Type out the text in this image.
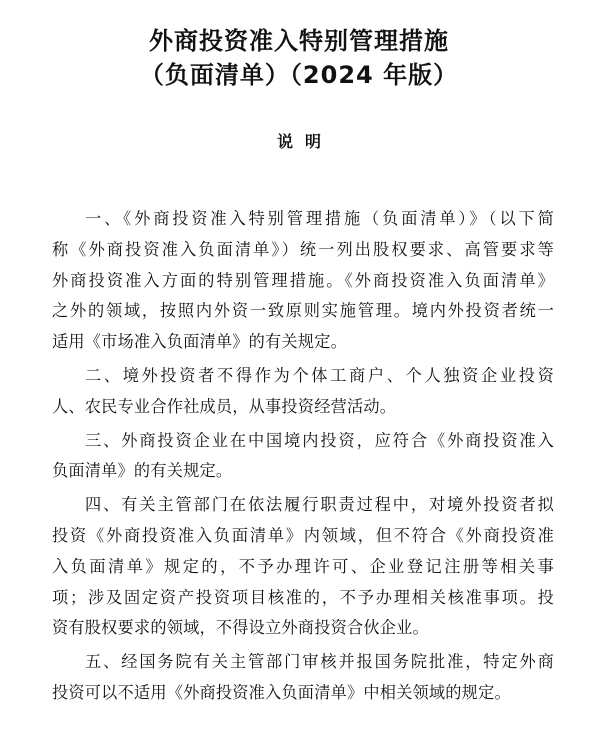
外商投资准入特别管理措施
（负面清单）（2024 年版）
说明
一、《外商投资准入特别管理措施（负面清单）》（以下简
称《外商投资准入负面清单》）统一列出股权要求、高管要求等
外商投资准入方面的特别管理措施。《外商投资准入负面清单》
之外的领域，按照内外资一致原则实施管理。境内外投资者统一
适用《市场准入负面清单》的有关规定。
二、境外投资者不得作为个体工商户、个人独资企业投资
人、农民专业合作社成员，从事投资经营活动。
三、外商投资企业在中国境内投资，应符合《外商投资准入
负面清单》的有关规定。
四、有关主管部门在依法履行职责过程中，对境外投资者拟
投资《外商投资准入负面清单》内领域，但不符合《外商投资准
入负面清单》规定的，不予办理许可、企业登记注册等相关事
项；涉及固定资产投资项目核准的，不予办理相关核准事项。投
资有股权要求的领域，不得设立外商投资合伙企业。
五、经国务院有关主管部门审核并报国务院批准，特定外商
投资可以不适用《外商投资准入负面清单》中相关领域的规定。
